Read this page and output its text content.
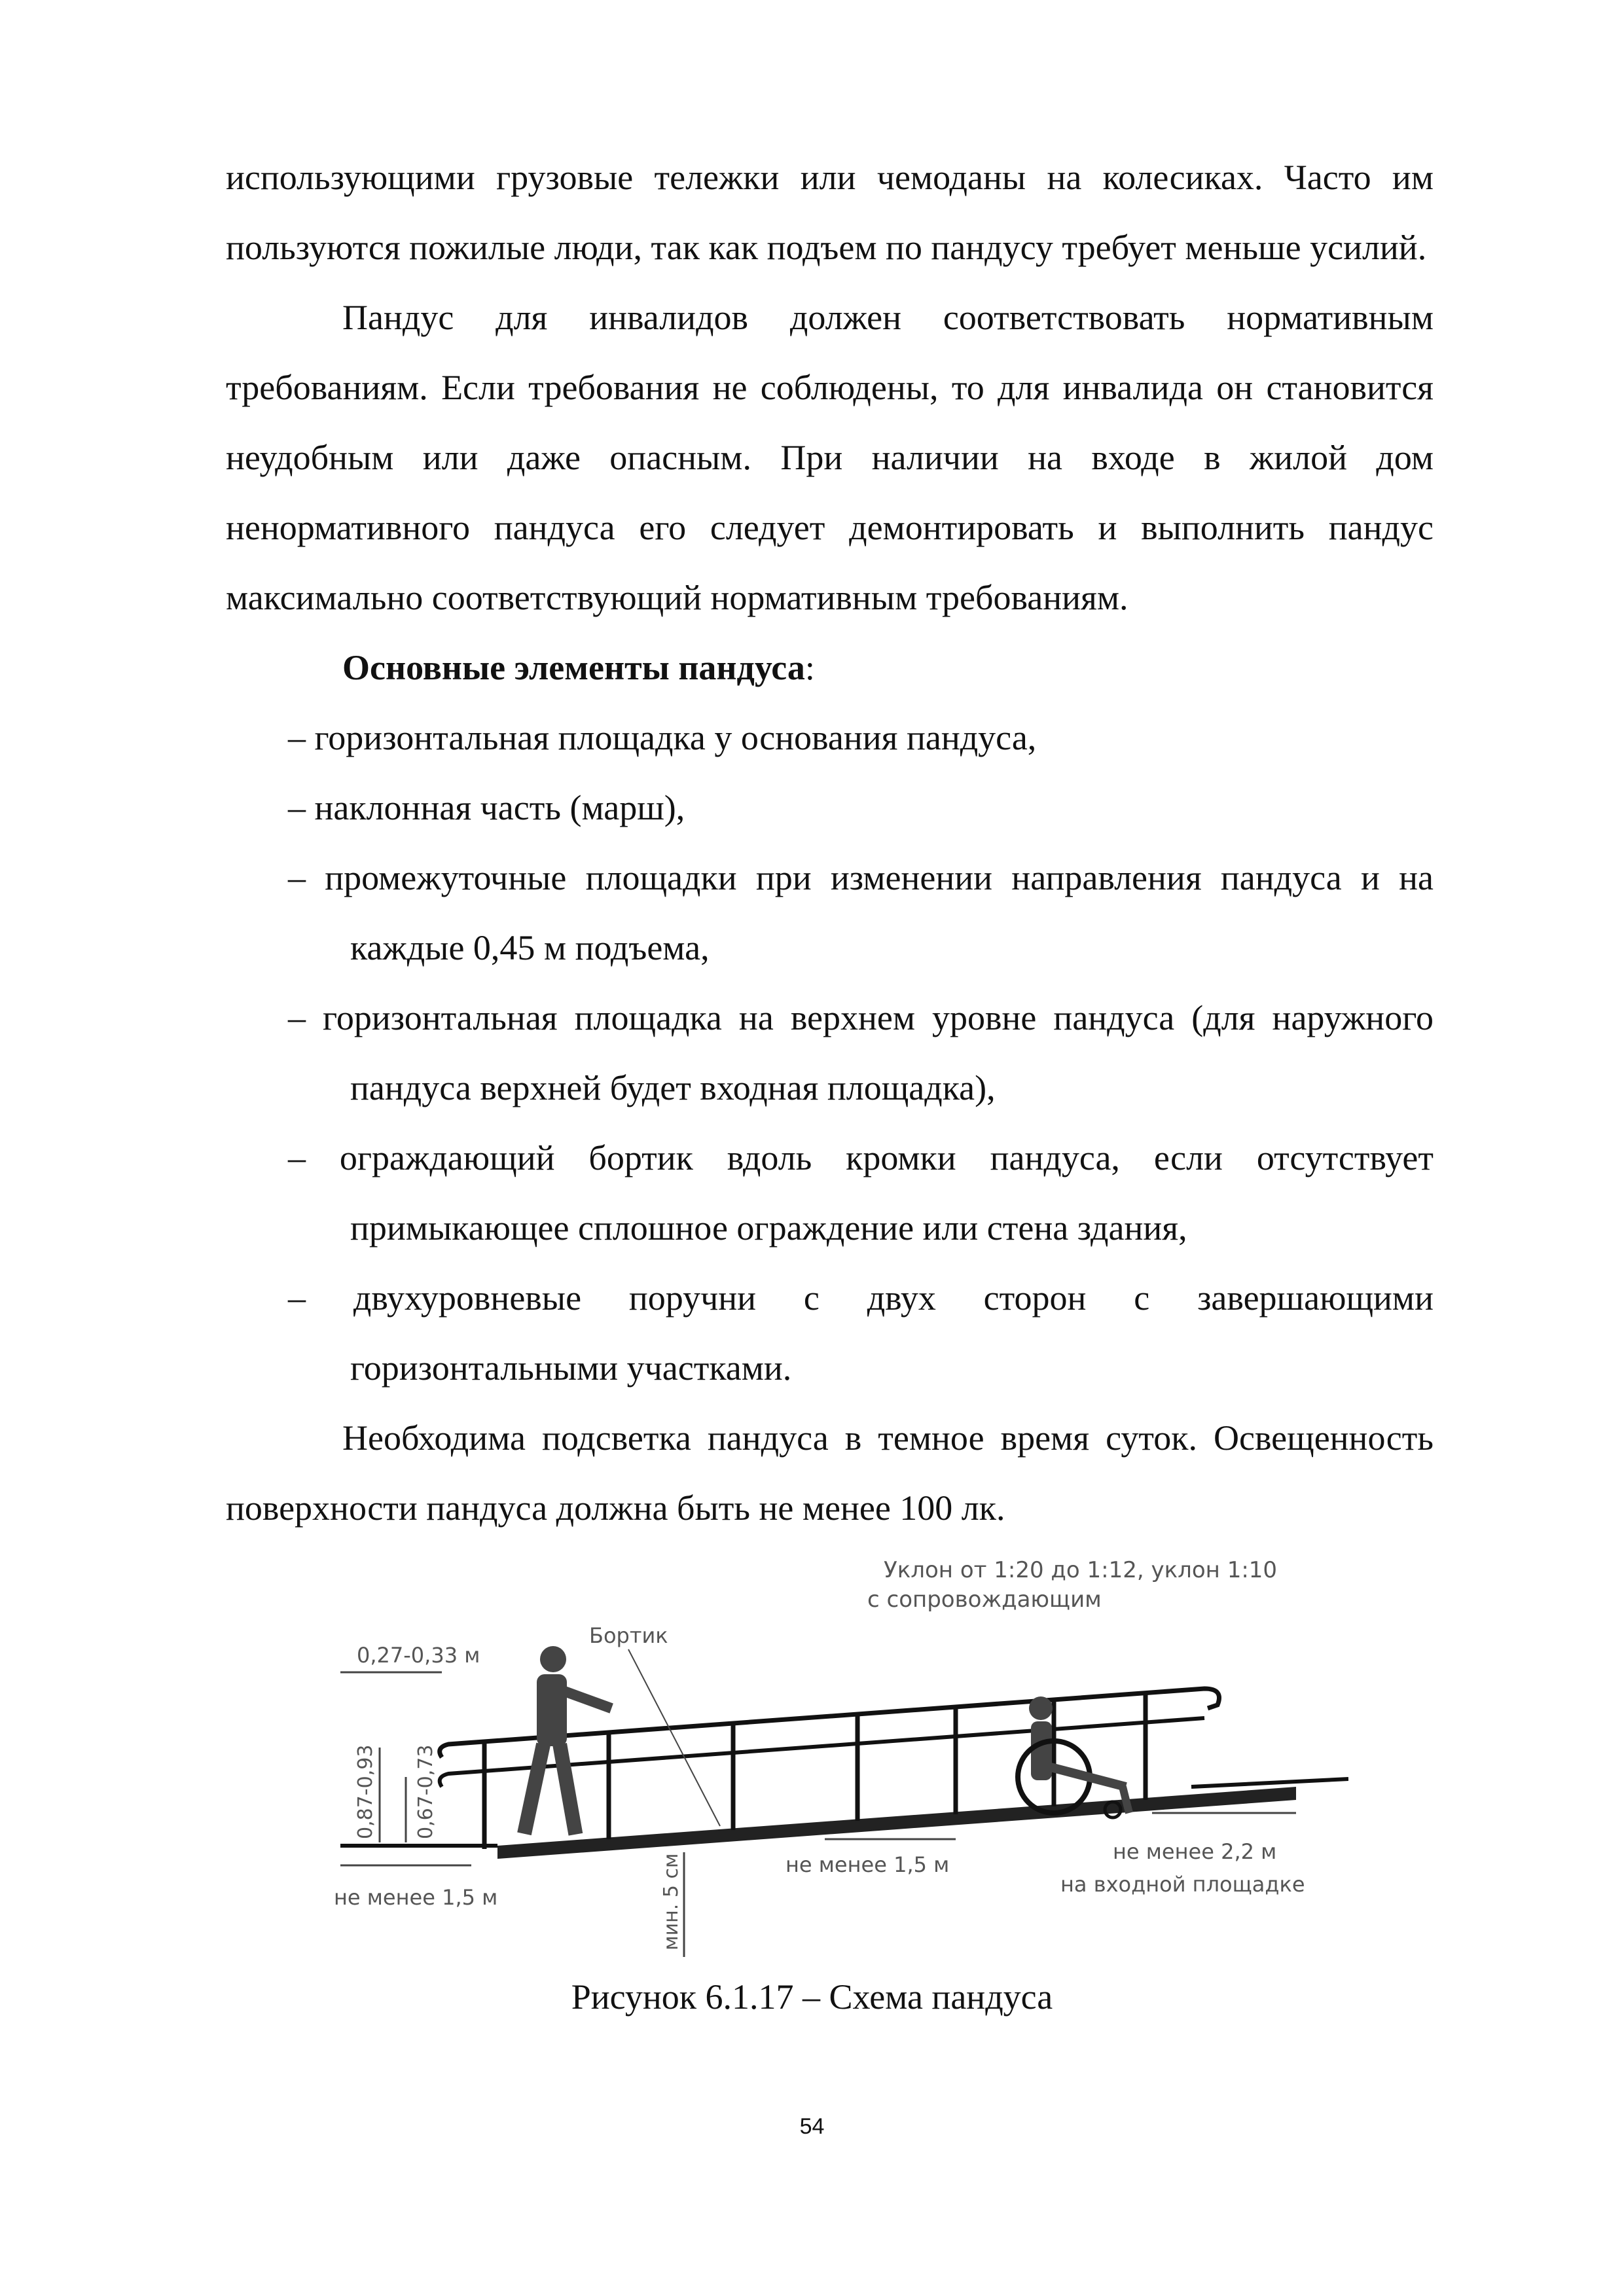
использующими грузовые тележки или чемоданы на колесиках. Часто им пользуются пожилые люди, так как подъем по пандусу требует меньше усилий.

Пандус для инвалидов должен соответствовать нормативным требованиям. Если требования не соблюдены, то для инвалида он становится неудобным или даже опасным. При наличии на входе в жилой дом ненормативного пандуса его следует демонтировать и выполнить пандус максимально соответствующий нормативным требованиям.

Основные элементы пандуса:

– горизонтальная площадка у основания пандуса,
– наклонная часть (марш),
– промежуточные площадки при изменении направления пандуса и на каждые 0,45 м подъема,
– горизонтальная площадка на верхнем уровне пандуса (для наружного пандуса верхней будет входная площадка),
– ограждающий бортик вдоль кромки пандуса, если отсутствует примыкающее сплошное ограждение или стена здания,
– двухуровневые поручни с двух сторон с завершающими горизонтальными участками.

Необходима подсветка пандуса в темное время суток. Освещенность поверхности пандуса должна быть не менее 100 лк.

0,27-0,33 м
0,87-0,93 0,67-0,73
Бортик
Уклон от 1:20 до 1:12, уклон 1:10
с сопровождающим
не менее 1,5 м	мин. 5 см	не менее 1,5 м
не менее 2,2 м
на входной площадке
Рисунок 6.1.17 – Схема пандуса
54
